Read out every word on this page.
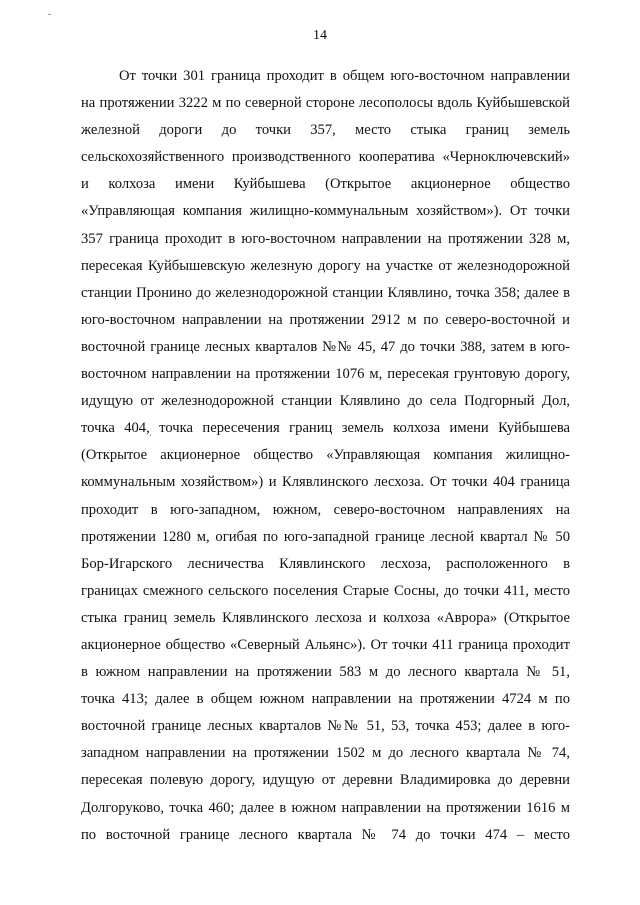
14
От точки 301 граница проходит в общем юго-восточном направлении
на протяжении 3222 м по северной стороне лесополосы вдоль Куйбышевской
железной дороги до точки 357, место стыка границ земель
сельскохозяйственного производственного кооператива «Черноключевский»
и колхоза имени Куйбышева (Открытое акционерное общество
«Управляющая компания жилищно-коммунальным хозяйством»). От точки
357 граница проходит в юго-восточном направлении на протяжении 328 м,
пересекая Куйбышевскую железную дорогу на участке от железнодорожной
станции Пронино до железнодорожной станции Клявлино, точка 358; далее в
юго-восточном направлении на протяжении 2912 м по северо-восточной и
восточной границе лесных кварталов №№ 45, 47 до точки 388, затем в юго-
восточном направлении на протяжении 1076 м, пересекая грунтовую дорогу,
идущую от железнодорожной станции Клявлино до села Подгорный Дол,
точка 404, точка пересечения границ земель колхоза имени Куйбышева
(Открытое акционерное общество «Управляющая компания жилищно-
коммунальным хозяйством») и Клявлинского лесхоза. От точки 404 граница
проходит в юго-западном, южном, северо-восточном направлениях на
протяжении 1280 м, огибая по юго-западной границе лесной квартал № 50
Бор-Игарского лесничества Клявлинского лесхоза, расположенного в
границах смежного сельского поселения Старые Сосны, до точки 411, место
стыка границ земель Клявлинского лесхоза и колхоза «Аврора» (Открытое
акционерное общество «Северный Альянс»). От точки 411 граница проходит
в южном направлении на протяжении 583 м до лесного квартала № 51,
точка 413; далее в общем южном направлении на протяжении 4724 м по
восточной границе лесных кварталов №№ 51, 53, точка 453; далее в юго-
западном направлении на протяжении 1502 м до лесного квартала № 74,
пересекая полевую дорогу, идущую от деревни Владимировка до деревни
Долгоруково, точка 460; далее в южном направлении на протяжении 1616 м
по восточной границе лесного квартала № 74 до точки 474 – место
